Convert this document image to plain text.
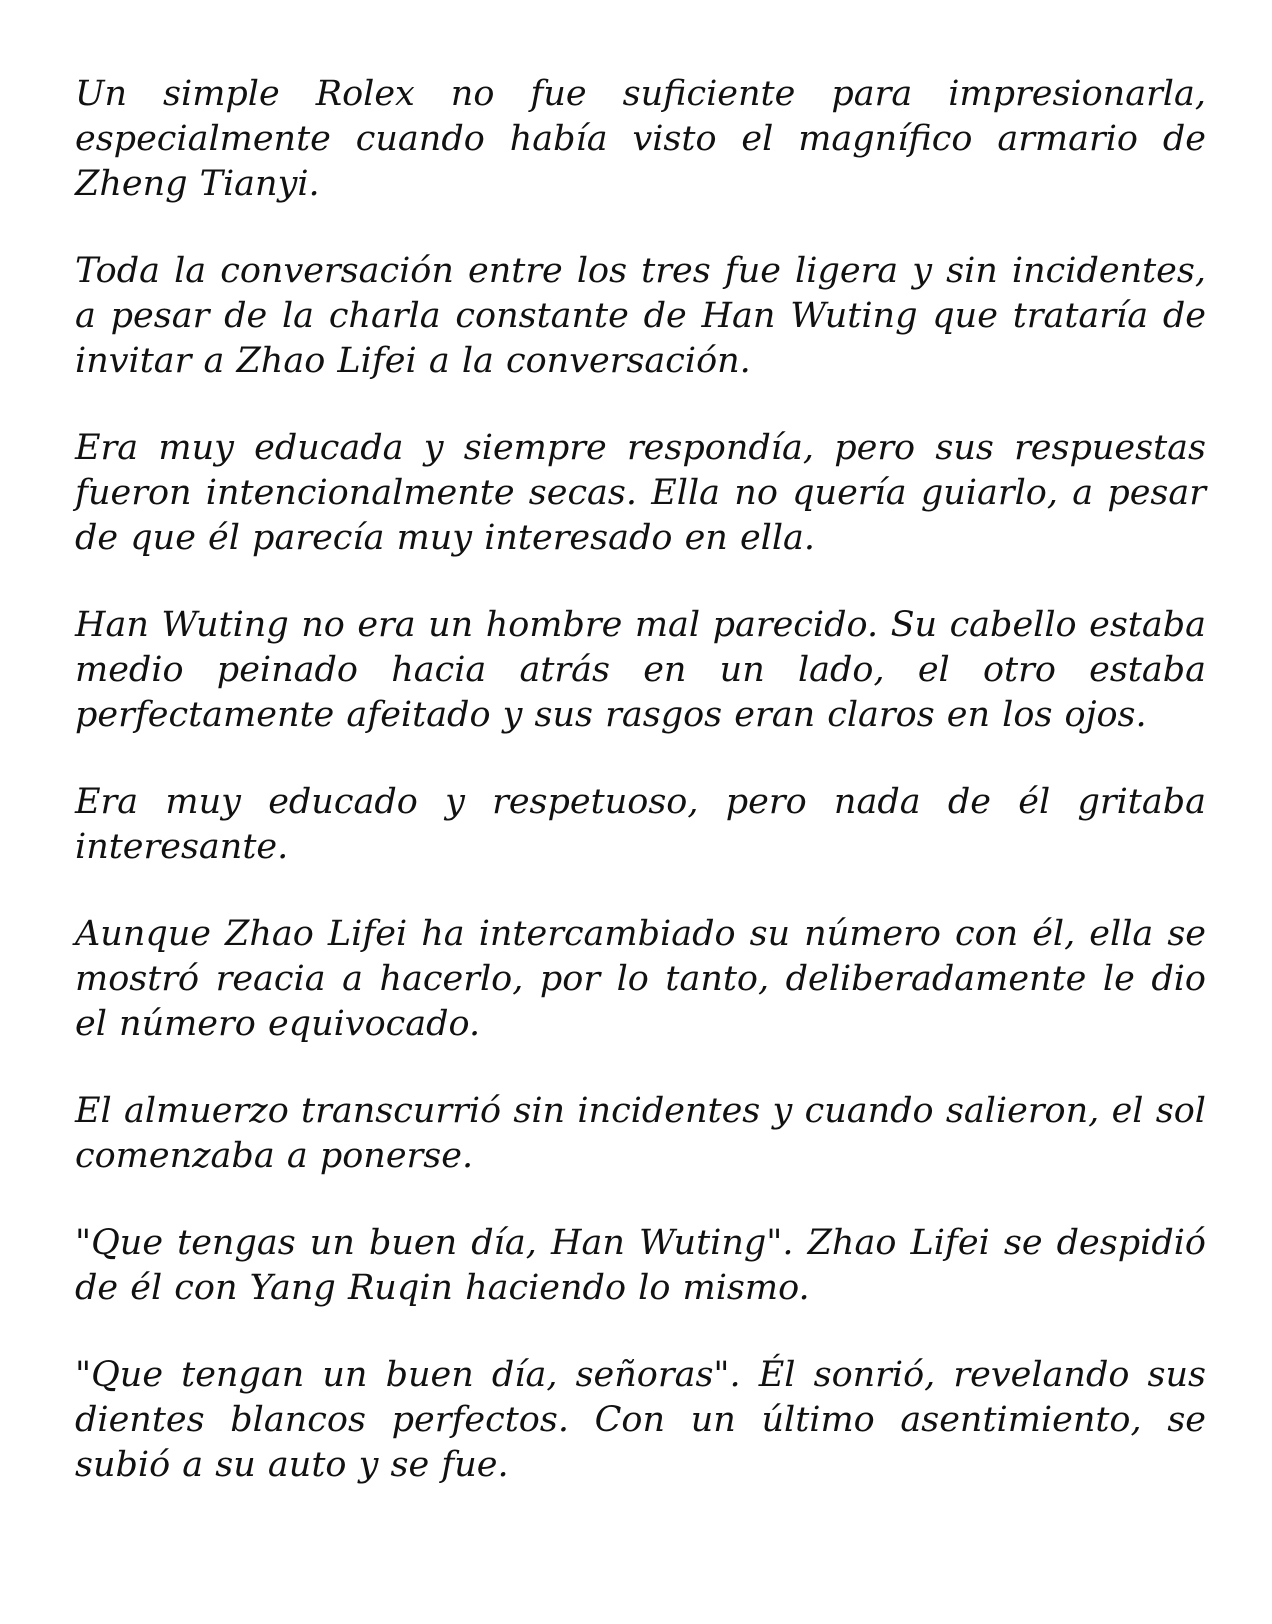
Un simple Rolex no fue suficiente para impresionarla, especialmente cuando había visto el magnífico armario de Zheng Tianyi.

Toda la conversación entre los tres fue ligera y sin incidentes, a pesar de la charla constante de Han Wuting que trataría de invitar a Zhao Lifei a la conversación.

Era muy educada y siempre respondía, pero sus respuestas fueron intencionalmente secas. Ella no quería guiarlo, a pesar de que él parecía muy interesado en ella.

Han Wuting no era un hombre mal parecido. Su cabello estaba medio peinado hacia atrás en un lado, el otro estaba perfectamente afeitado y sus rasgos eran claros en los ojos.

Era muy educado y respetuoso, pero nada de él gritaba interesante.

Aunque Zhao Lifei ha intercambiado su número con él, ella se mostró reacia a hacerlo, por lo tanto, deliberadamente le dio el número equivocado.

El almuerzo transcurrió sin incidentes y cuando salieron, el sol comenzaba a ponerse.

"Que tengas un buen día, Han Wuting". Zhao Lifei se despidió de él con Yang Ruqin haciendo lo mismo.

"Que tengan un buen día, señoras". Él sonrió, revelando sus dientes blancos perfectos. Con un último asentimiento, se subió a su auto y se fue.
